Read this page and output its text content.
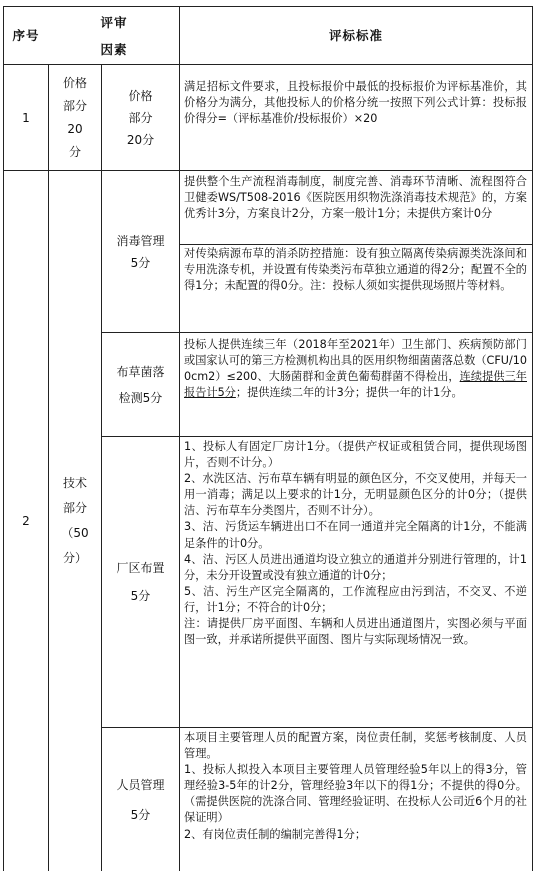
序号
评审
因素
评标标准
1
价格
部分
20
分
价格
部分
20分

满足招标文件要求，且投标报价中最低的投标报价为评标基准价，其价格分为满分，其他投标人的价格分统一按照下列公式计算：投标报价得分=（评标基准价/投标报价）×20

2
技术
部分
（50
分）
消毒管理
5分

提供整个生产流程消毒制度，制度完善、消毒环节清晰、流程图符合卫健委WS/T508-2016《医院医用织物洗涤消毒技术规范》的，方案优秀计3分，方案良计2分，方案一般计1分；未提供方案计0分

对传染病源布草的消杀防控措施：设有独立隔离传染病源类洗涤间和专用洗涤专机，并设置有传染类污布草独立通道的得2分；配置不全的得1分；未配置的得0分。注：投标人须如实提供现场照片等材料。

布草菌落
检测5分

投标人提供连续三年（2018年至2021年）卫生部门、疾病预防部门或国家认可的第三方检测机构出具的医用织物细菌菌落总数（CFU/100cm2）≤200、大肠菌群和金黄色葡萄群菌不得检出，连续提供三年报告计5分；提供连续二年的计3分；提供一年的计1分。

厂区布置
5分

1、投标人有固定厂房计1分。（提供产权证或租赁合同，提供现场图片，否则不计分。）

2、水洗区洁、污布草车辆有明显的颜色区分，不交叉使用，并每天一用一消毒；满足以上要求的计1分，无明显颜色区分的计0分；（提供洁、污布草车分类图片，否则不计分）。

3、洁、污货运车辆进出口不在同一通道并完全隔离的计1分，不能满足条件的计0分。

4、洁、污区人员进出通道均设立独立的通道并分别进行管理的，计1分，未分开设置或没有独立通道的计0分；

5、洁、污生产区完全隔离的，工作流程应由污到洁，不交叉、不逆行，计1分；不符合的计0分；

注：请提供厂房平面图、车辆和人员进出通道图片，实图必须与平面图一致，并承诺所提供平面图、图片与实际现场情况一致。

人员管理
5分

本项目主要管理人员的配置方案，岗位责任制，奖惩考核制度、人员管理。

1、投标人拟投入本项目主要管理人员管理经验5年以上的得3分，管理经验3-5年的计2分，管理经验3年以下的得1分；不提供的得0分。（需提供医院的洗涤合同、管理经验证明、在投标人公司近6个月的社保证明）

2、有岗位责任制的编制完善得1分；
